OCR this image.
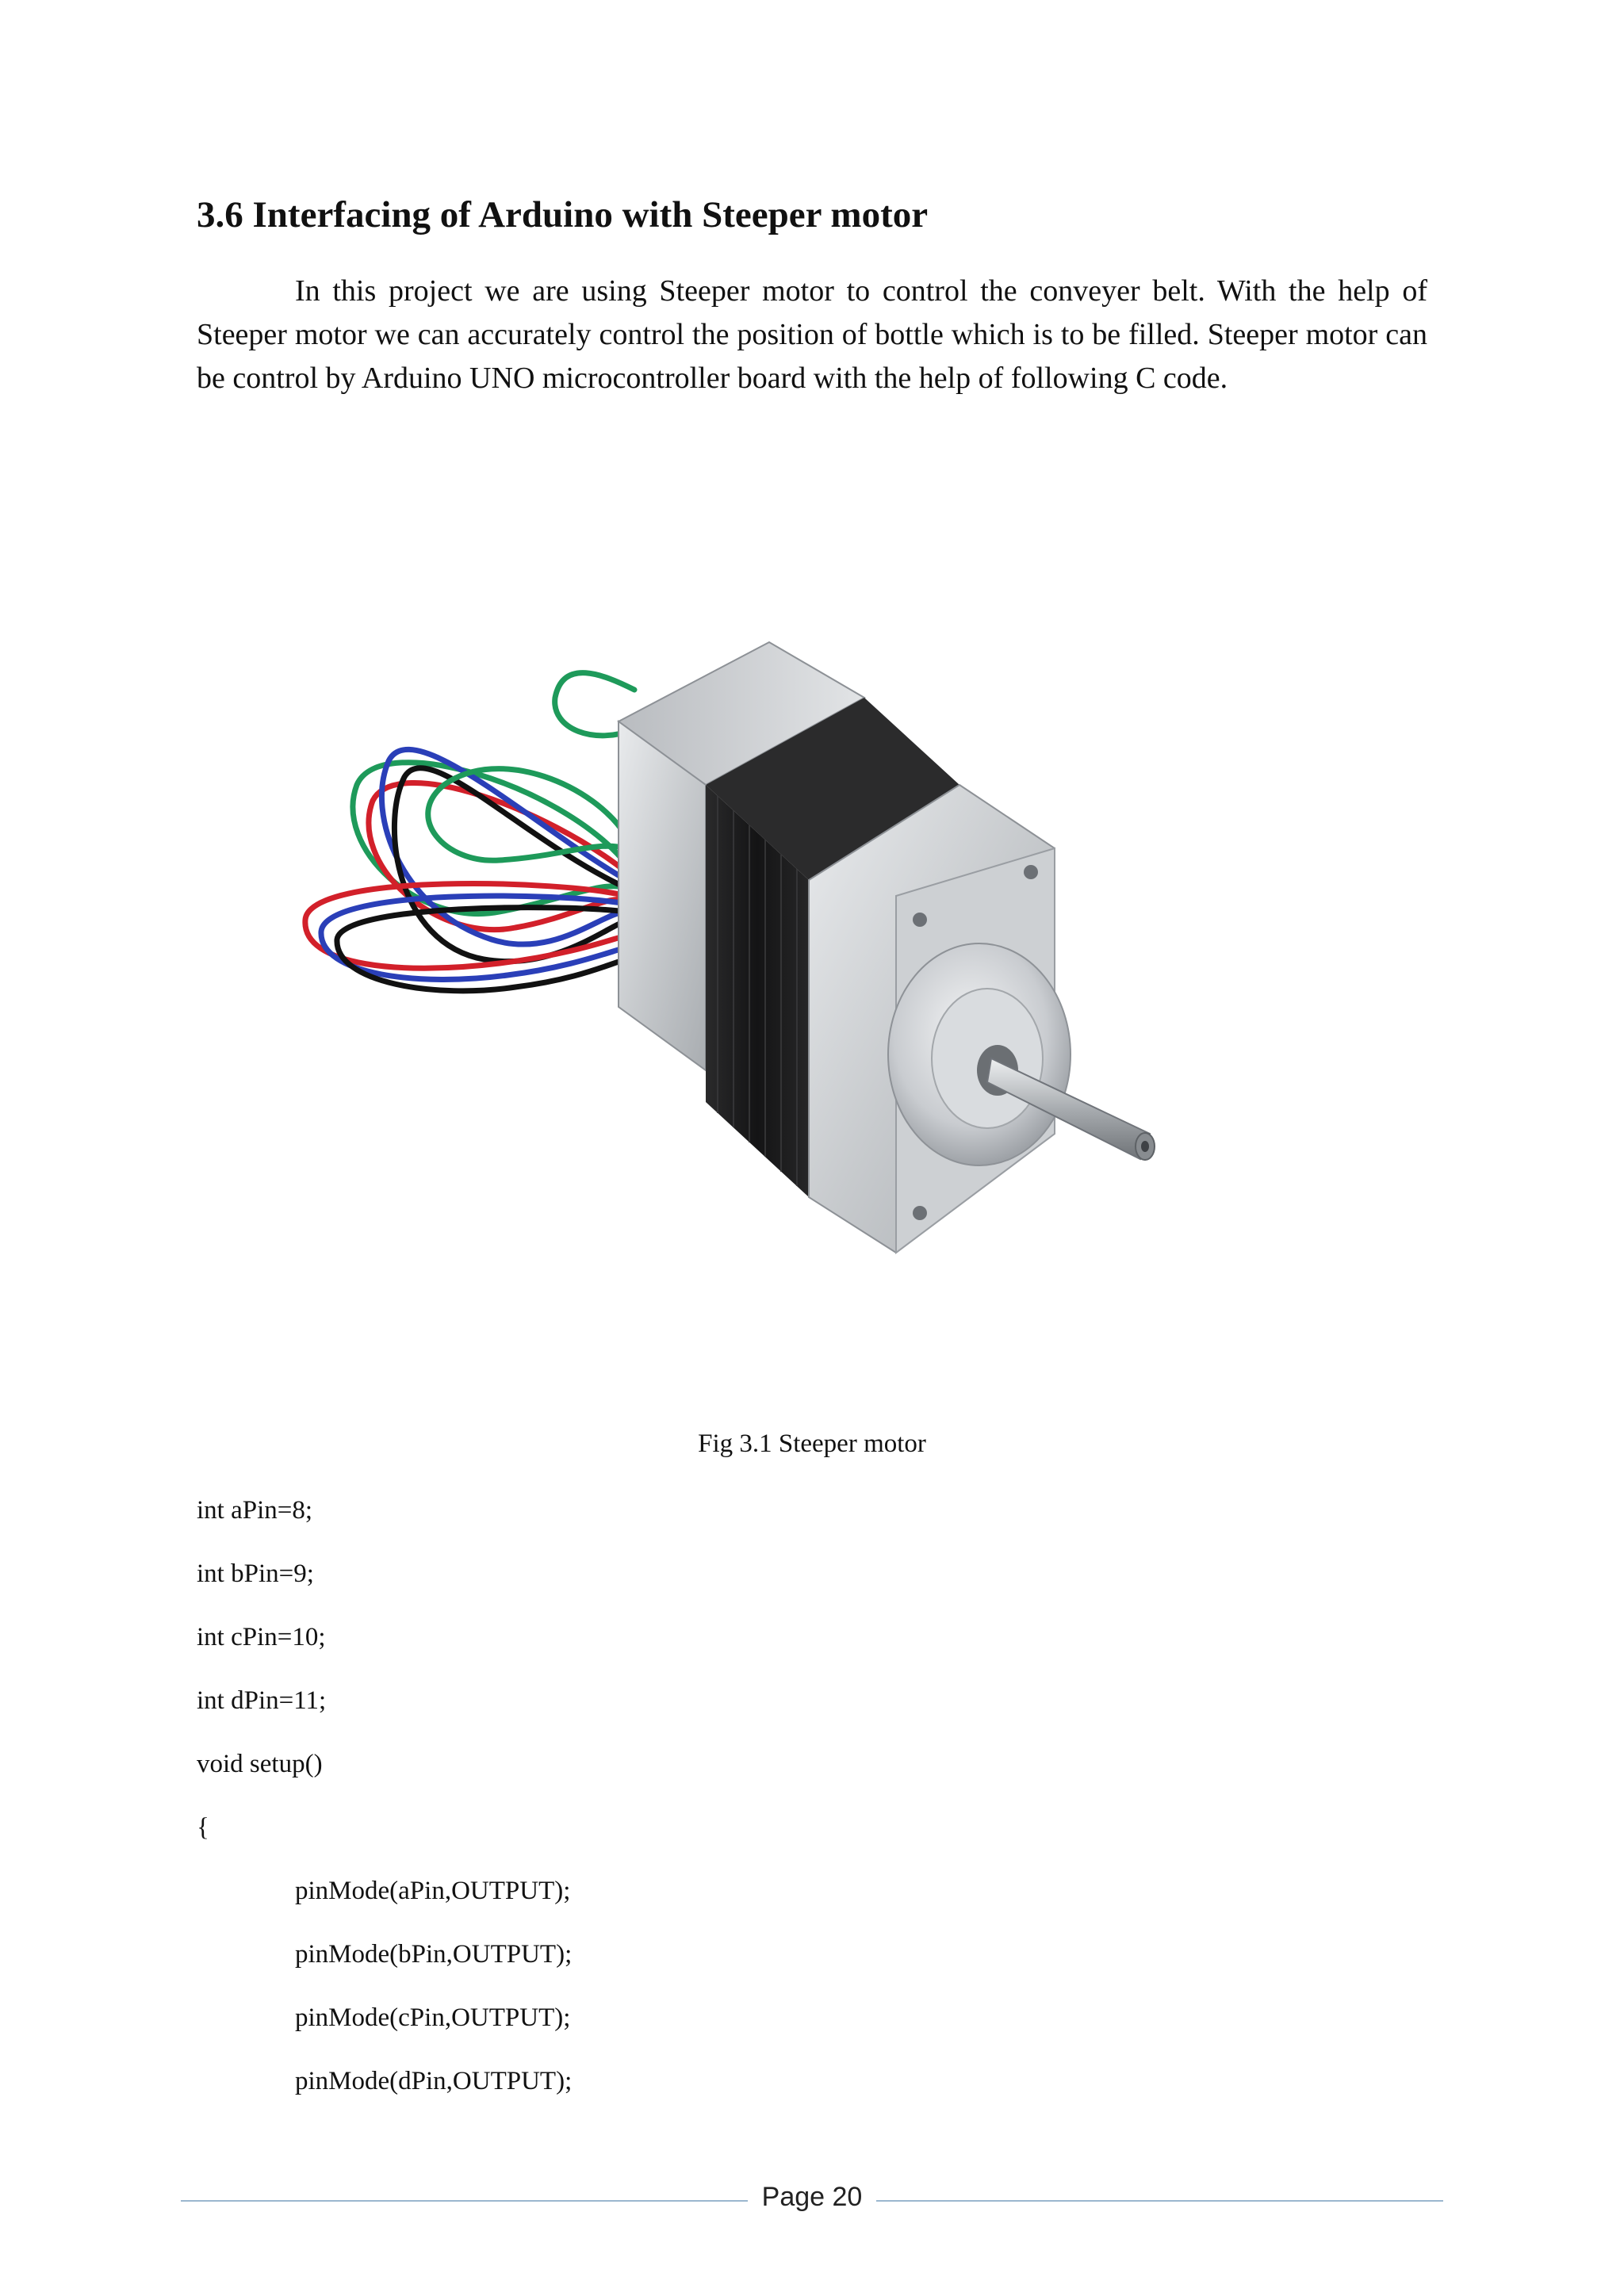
3.6 Interfacing of Arduino with Steeper motor

In this project we are using Steeper motor to control the conveyer belt. With the help of Steeper motor we can accurately control the position of bottle which is to be filled. Steeper motor can be control by Arduino UNO microcontroller board with the help of following C code.

Fig 3.1 Steeper motor

int aPin=8;
int bPin=9;
int cPin=10;
int dPin=11;
void setup()
{
pinMode(aPin,OUTPUT);
pinMode(bPin,OUTPUT);
pinMode(cPin,OUTPUT);
pinMode(dPin,OUTPUT);
Page 20
